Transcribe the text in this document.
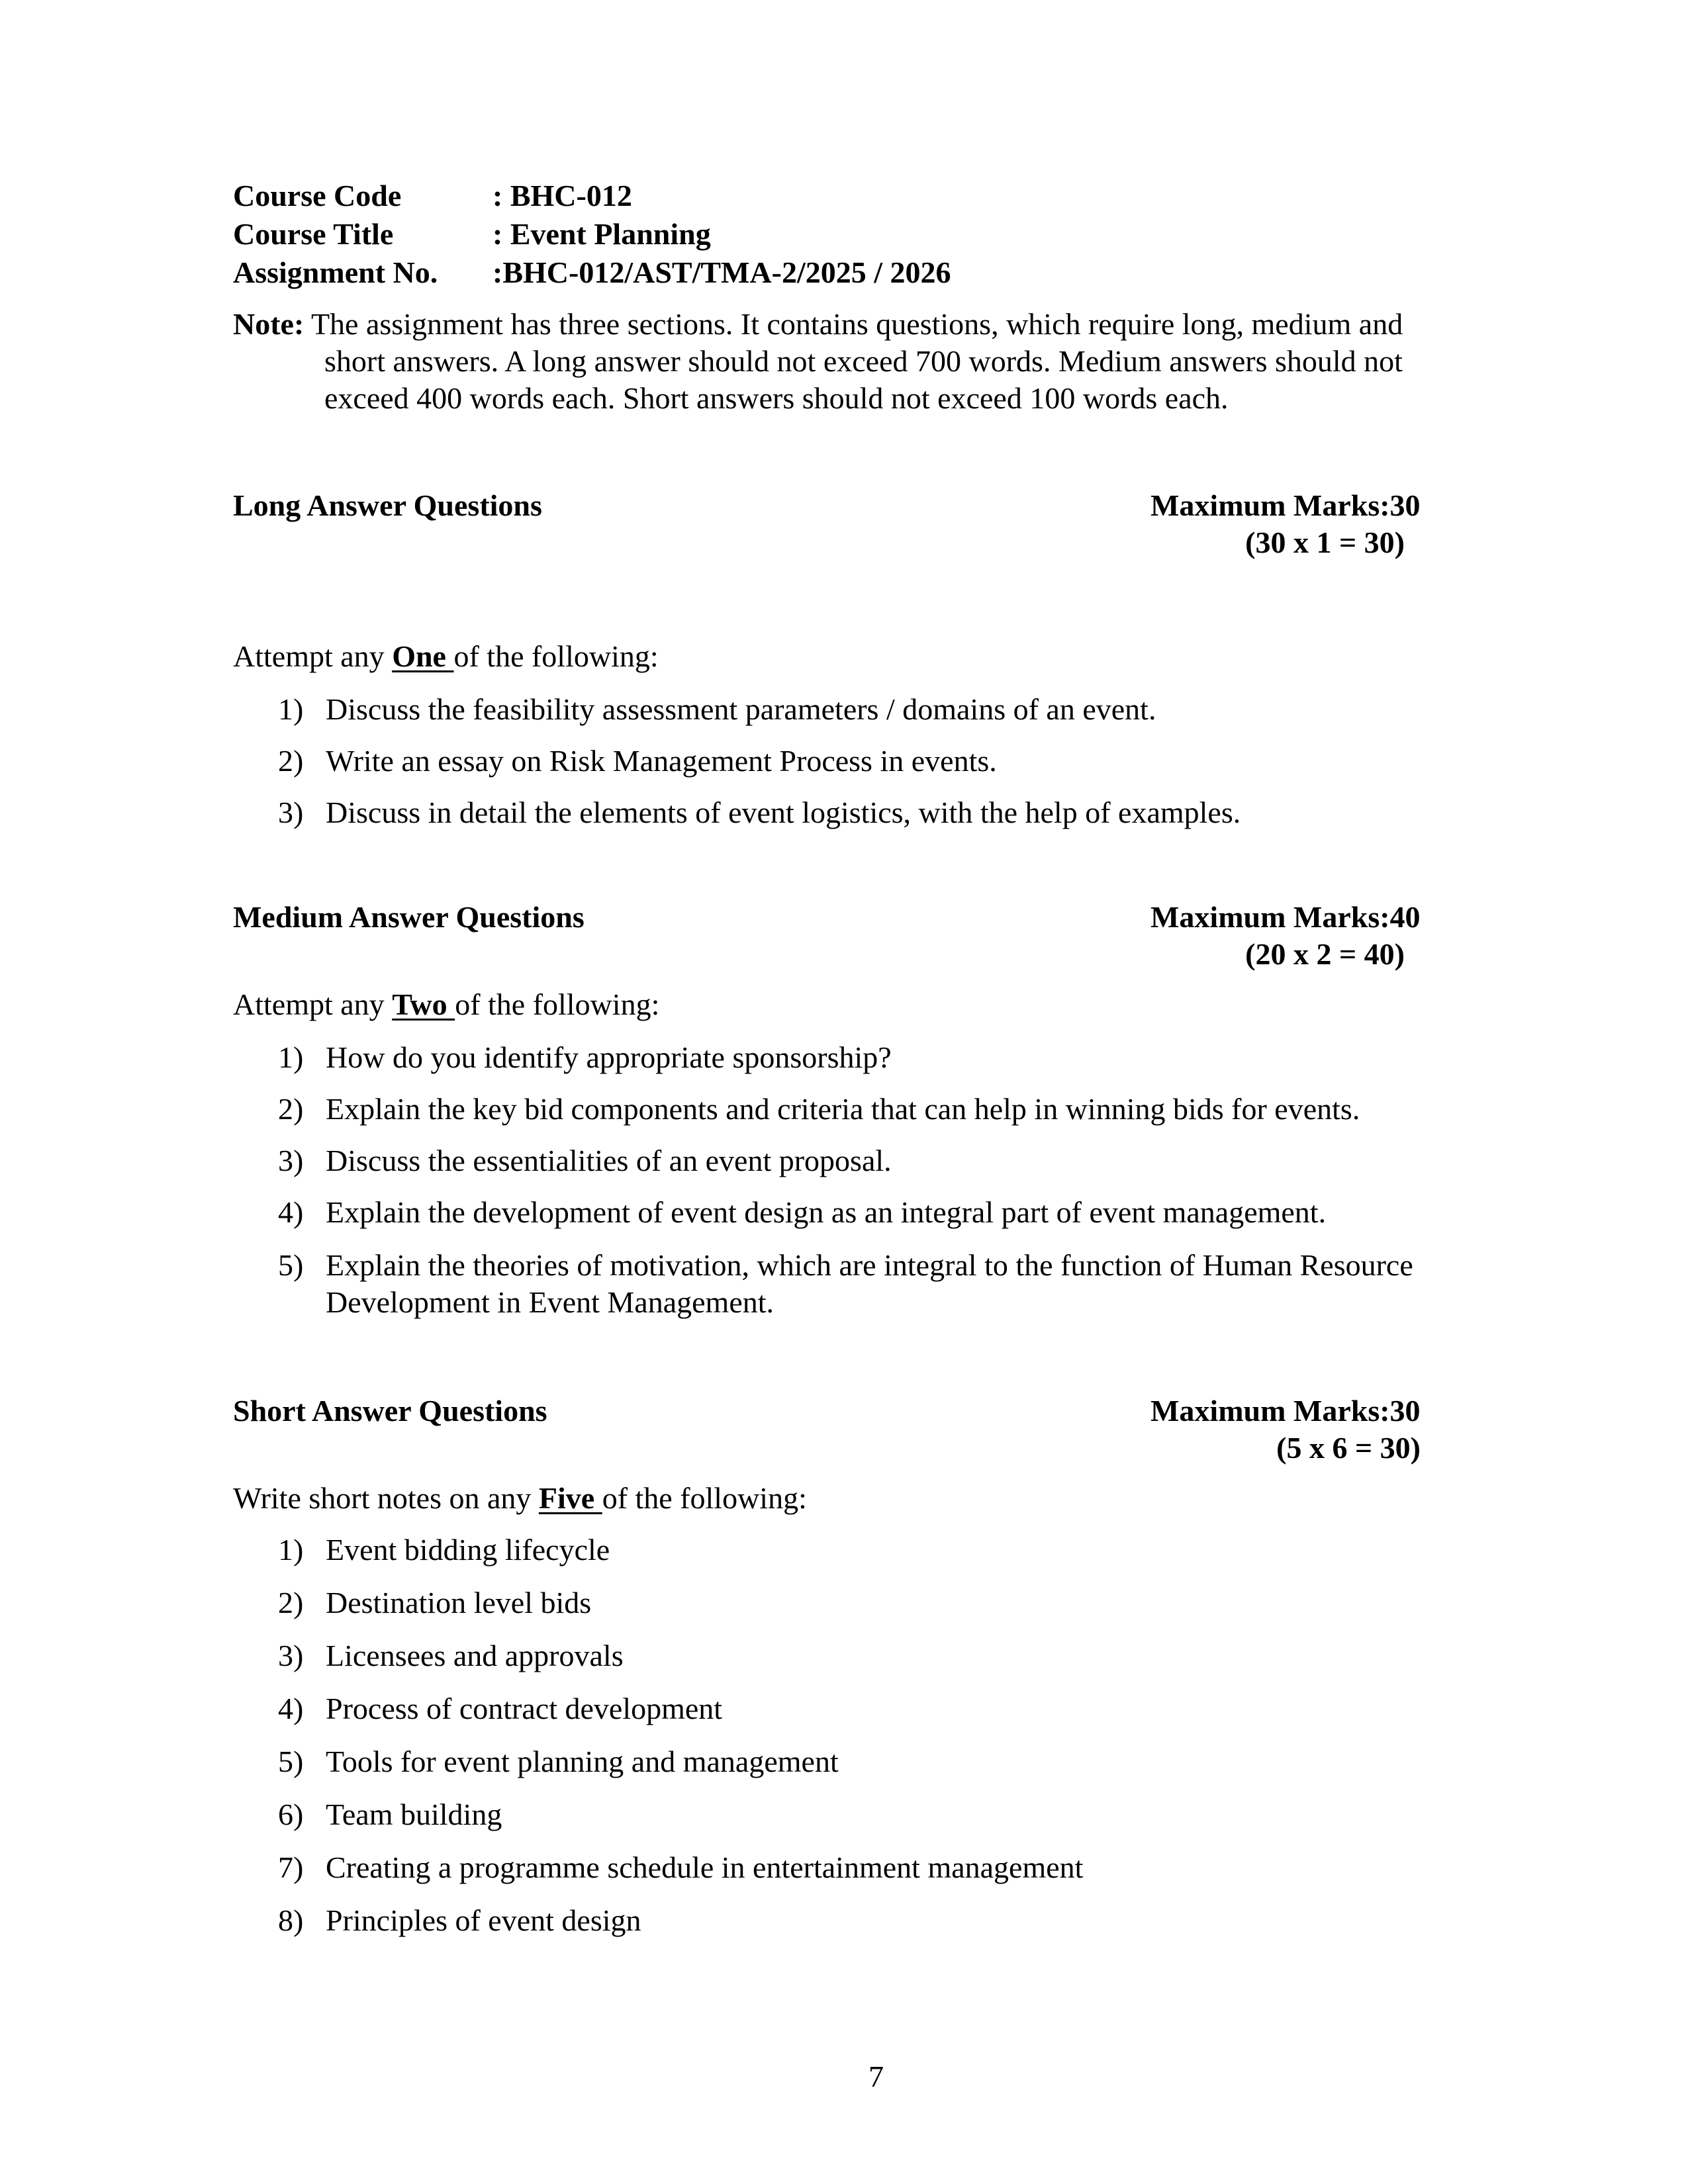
Course Code	: BHC-012
Course Title	: Event Planning
Assignment No. :BHC-012/AST/TMA-2/2025 / 2026
Note: The assignment has three sections. It contains questions, which require long, medium and
short answers. A long answer should not exceed 700 words. Medium answers should not
exceed 400 words each. Short answers should not exceed 100 words each.
Long Answer Questions	Maximum Marks:30
(30 x 1 = 30)
Attempt any One of the following:
1) Discuss the feasibility assessment parameters / domains of an event.
2) Write an essay on Risk Management Process in events.
3) Discuss in detail the elements of event logistics, with the help of examples.
Medium Answer Questions	Maximum Marks:40
(20 x 2 = 40)
Attempt any Two of the following:
1) How do you identify appropriate sponsorship?
2) Explain the key bid components and criteria that can help in winning bids for events.
3) Discuss the essentialities of an event proposal.
4) Explain the development of event design as an integral part of event management.
5) Explain the theories of motivation, which are integral to the function of Human Resource
Development in Event Management.
Short Answer Questions	Maximum Marks:30
(5 x 6 = 30)
Write short notes on any Five of the following:
1) Event bidding lifecycle
2) Destination level bids
3) Licensees and approvals
4) Process of contract development
5) Tools for event planning and management
6) Team building
7) Creating a programme schedule in entertainment management
8) Principles of event design
7
